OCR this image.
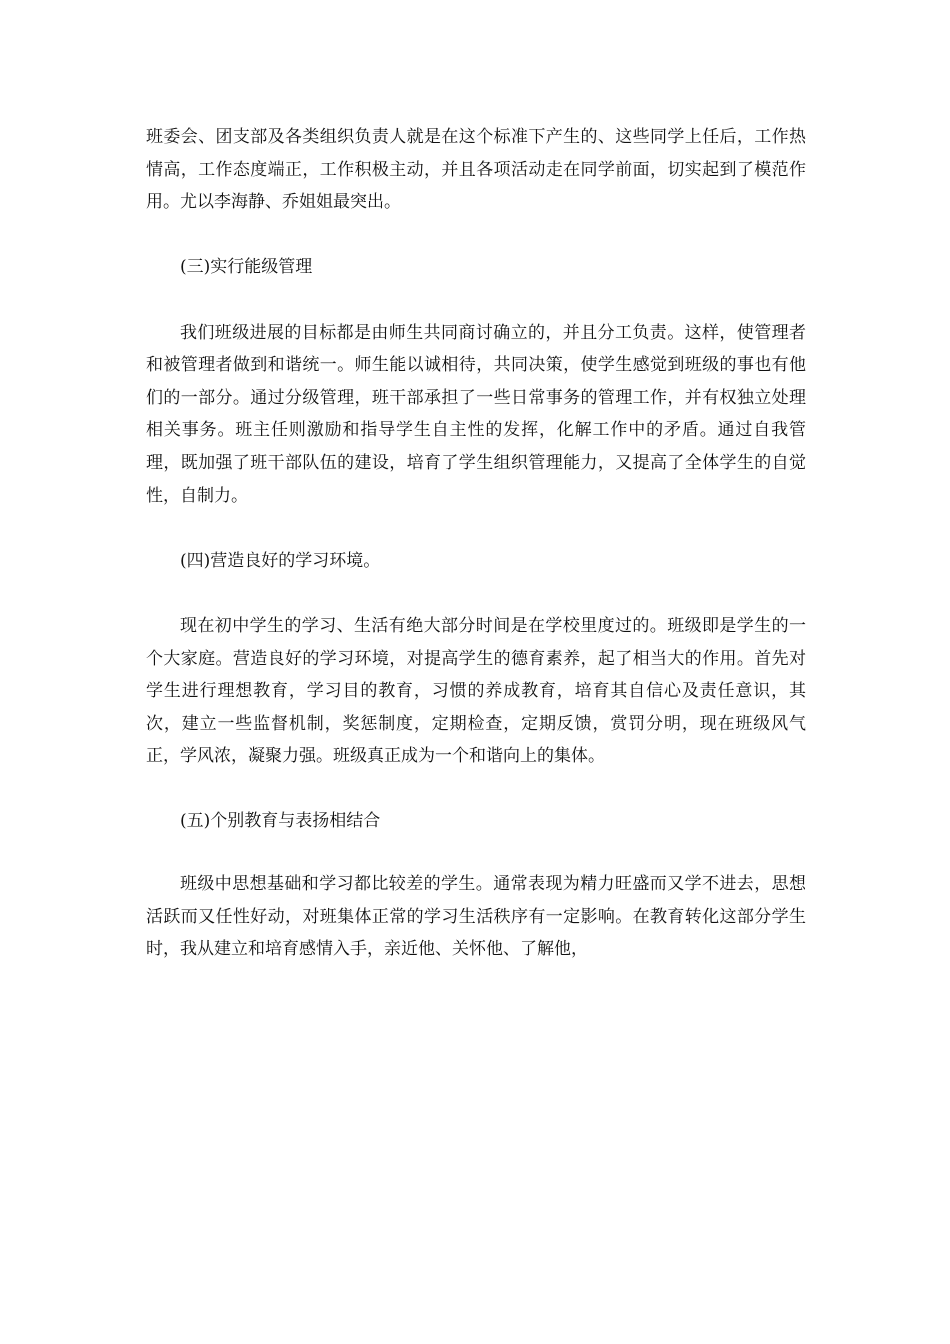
班委会、团支部及各类组织负责人就是在这个标准下产生的、这些同学上任后，工作热情高，工作态度端正，工作积极主动，并且各项活动走在同学前面，切实起到了模范作用。尤以李海静、乔姐姐最突出。

(三)实行能级管理

我们班级进展的目标都是由师生共同商讨确立的，并且分工负责。这样，使管理者和被管理者做到和谐统一。师生能以诚相待，共同决策，使学生感觉到班级的事也有他们的一部分。通过分级管理，班干部承担了一些日常事务的管理工作，并有权独立处理相关事务。班主任则激励和指导学生自主性的发挥，化解工作中的矛盾。通过自我管理，既加强了班干部队伍的建设，培育了学生组织管理能力，又提高了全体学生的自觉性，自制力。

(四)营造良好的学习环境。

现在初中学生的学习、生活有绝大部分时间是在学校里度过的。班级即是学生的一个大家庭。营造良好的学习环境，对提高学生的德育素养，起了相当大的作用。首先对学生进行理想教育，学习目的教育，习惯的养成教育，培育其自信心及责任意识，其次，建立一些监督机制，奖惩制度，定期检查，定期反馈，赏罚分明，现在班级风气正，学风浓，凝聚力强。班级真正成为一个和谐向上的集体。

(五)个别教育与表扬相结合

班级中思想基础和学习都比较差的学生。通常表现为精力旺盛而又学不进去，思想活跃而又任性好动，对班集体正常的学习生活秩序有一定影响。在教育转化这部分学生时，我从建立和培育感情入手，亲近他、关怀他、了解他，
